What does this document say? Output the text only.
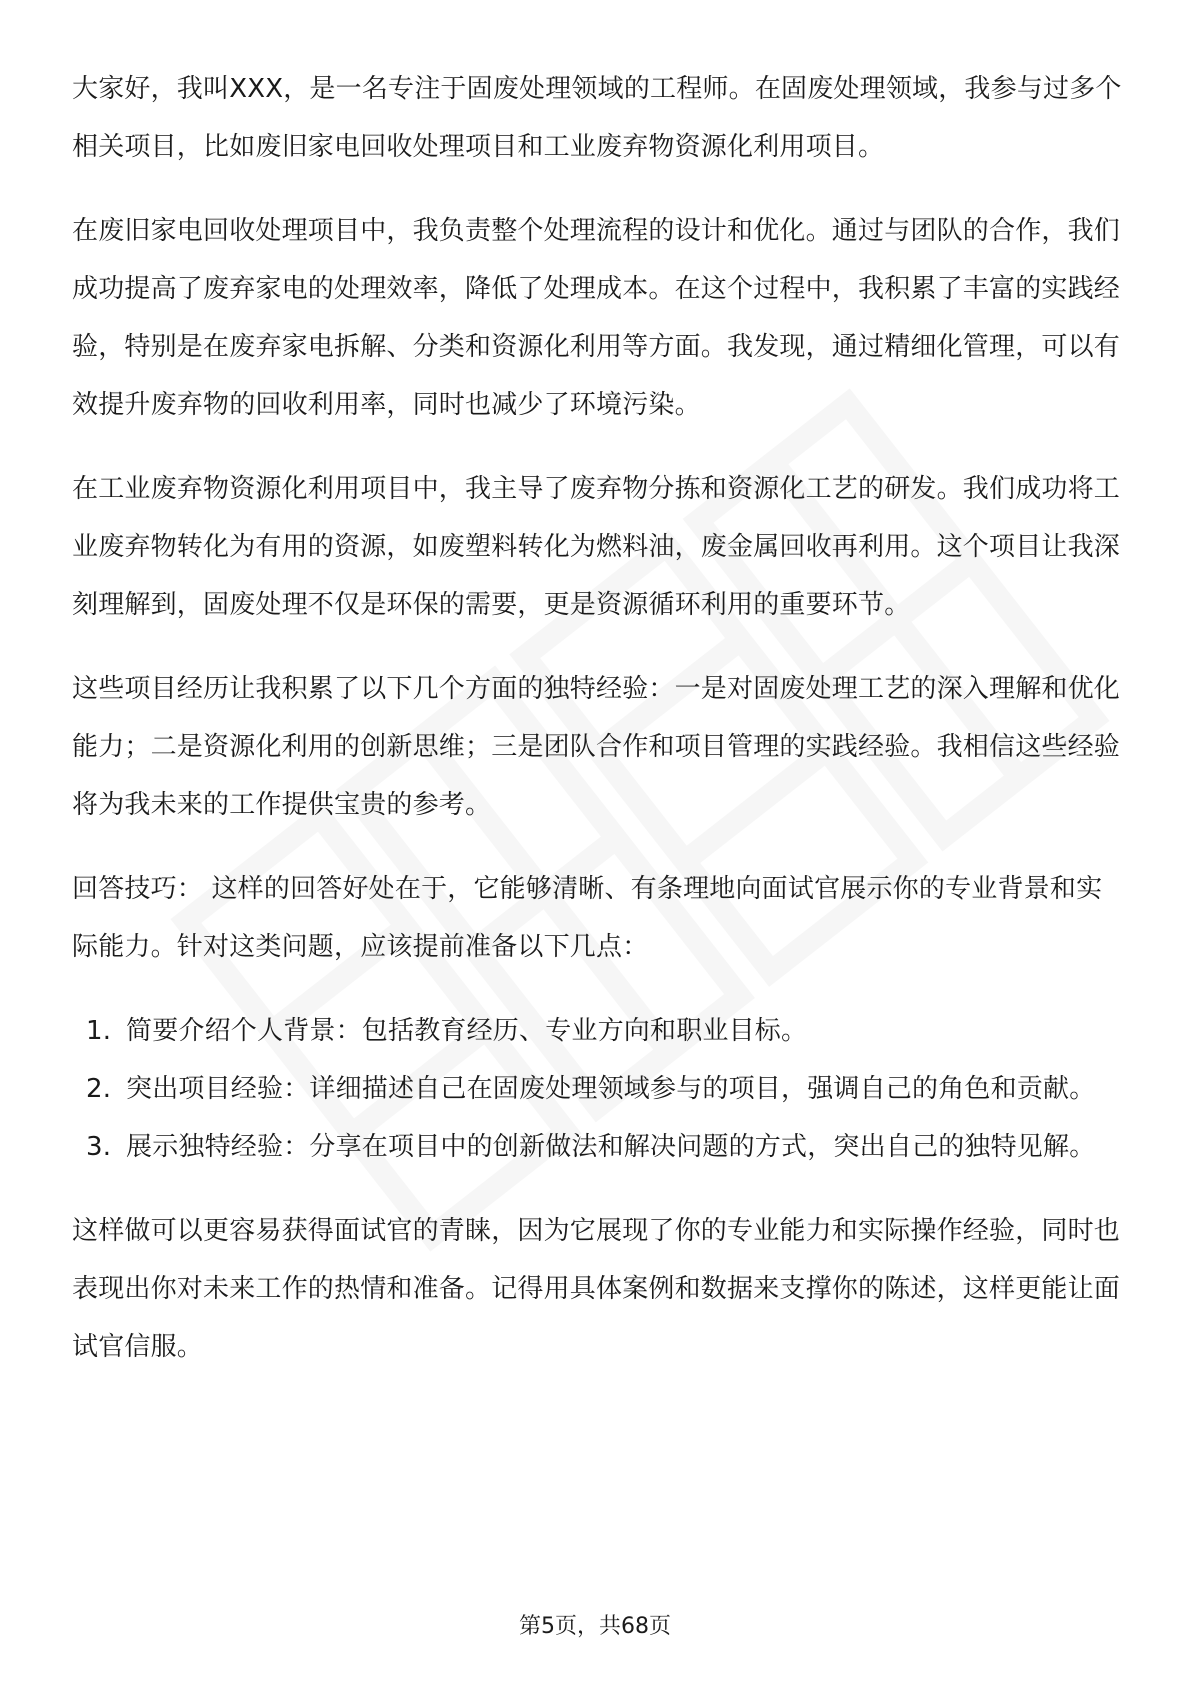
大家好，我叫XXX，是一名专注于固废处理领域的工程师。在固废处理领域，我参与过多个相关项目，比如废旧家电回收处理项目和工业废弃物资源化利用项目。

在废旧家电回收处理项目中，我负责整个处理流程的设计和优化。通过与团队的合作，我们成功提高了废弃家电的处理效率，降低了处理成本。在这个过程中，我积累了丰富的实践经验，特别是在废弃家电拆解、分类和资源化利用等方面。我发现，通过精细化管理，可以有效提升废弃物的回收利用率，同时也减少了环境污染。

在工业废弃物资源化利用项目中，我主导了废弃物分拣和资源化工艺的研发。我们成功将工业废弃物转化为有用的资源，如废塑料转化为燃料油，废金属回收再利用。这个项目让我深刻理解到，固废处理不仅是环保的需要，更是资源循环利用的重要环节。

这些项目经历让我积累了以下几个方面的独特经验：一是对固废处理工艺的深入理解和优化能力；二是资源化利用的创新思维；三是团队合作和项目管理的实践经验。我相信这些经验将为我未来的工作提供宝贵的参考。

回答技巧： 这样的回答好处在于，它能够清晰、有条理地向面试官展示你的专业背景和实际能力。针对这类问题，应该提前准备以下几点：

1. 简要介绍个人背景：包括教育经历、专业方向和职业目标。
2. 突出项目经验：详细描述自己在固废处理领域参与的项目，强调自己的角色和贡献。
3. 展示独特经验：分享在项目中的创新做法和解决问题的方式，突出自己的独特见解。

这样做可以更容易获得面试官的青睐，因为它展现了你的专业能力和实际操作经验，同时也表现出你对未来工作的热情和准备。记得用具体案例和数据来支撑你的陈述，这样更能让面试官信服。

第5页，共68页
